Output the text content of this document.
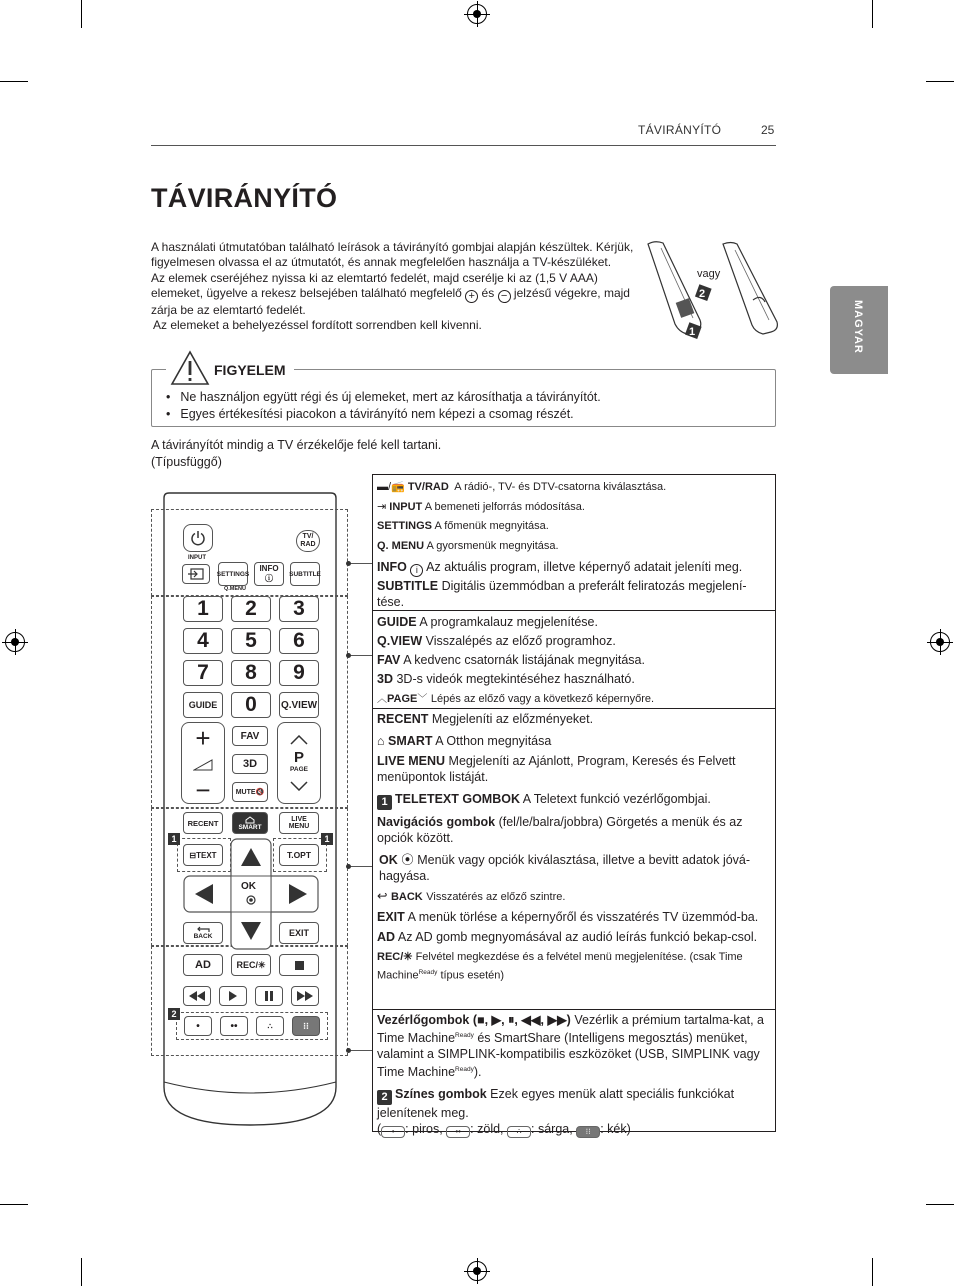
TÁVIRÁNYÍTÓ	25
MAGYAR
TÁVIRÁNYÍTÓ

A használati útmutatóban található leírások a távirányító gombjai alapján készültek. Kérjük, figyelmesen olvassa el az útmutatót, és annak megfelelően használja a TV-készüléket.

Az elemek cseréjéhez nyissa ki az elemtartó fedelét, majd cserélje ki az (1,5 V AAA) elemeket, ügyelve a rekesz belsejében található megfelelő + és − jelzésű végekre, majd zárja be az elemtartó fedelét.

Az elemeket a behelyezéssel fordított sorrendben kell kivenni.

2
1
vagy
• Ne használjon együtt régi és új elemeket, mert az károsíthatja a távirányítót.
• Egyes értékesítési piacokon a távirányító nem képezi a csomag részét.
FIGYELEM
A távirányítót mindig a TV érzékelője felé kell tartani.
(Típusfüggő)
TV/
RAD
INPUT
SETTINGS
Q.MENU
INFO ⓘ	SUBTITLE
1	2	3
4	5	6
7	8	9
GUIDE	0	Q.VIEW
+
−
FAV
3D
MUTE🔇
P
PAGE
RECENT	SMART
LIVE
MENU
1	1
⊟TEXT	T.OPT
OK
BACK	EXIT
AD	REC/✳
2
•	••	∴	⁝⁝
▬/📻 TV/RAD A rádió-, TV- és DTV-csatorna kiválasztása.
⇥ INPUT A bemeneti jelforrás módosítása.
SETTINGS A főmenük megnyitása.
Q. MENU A gyorsmenük megnyitása.
INFO i Az aktuális program, illetve képernyő adatait jeleníti meg.
SUBTITLE Digitális üzemmódban a preferált feliratozás megjelení-tése.
GUIDE A programkalauz megjelenítése.
Q.VIEW Visszalépés az előző programhoz.
FAV A kedvenc csatornák listájának megnyitása.
3D 3D-s videók megtekintéséhez használható.
︿PAGE﹀ Lépés az előző vagy a következő képernyőre.
RECENT Megjeleníti az előzményeket.
⌂ SMART A Otthon megnyitása
LIVE MENU Megjeleníti az Ajánlott, Program, Keresés és Felvett menüpontok listáját.
1 TELETEXT GOMBOK A Teletext funkció vezérlőgombjai.
Navigációs gombok (fel/le/balra/jobbra) Görgetés a menük és az opciók között.
OK ⦿ Menük vagy opciók kiválasztása, illetve a bevitt adatok jóvá-hagyása.
↩ BACK Visszatérés az előző szintre.
EXIT A menük törlése a képernyőről és visszatérés TV üzemmód-ba.
AD Az AD gomb megnyomásával az audió leírás funkció bekap-csol.
REC/✳ Felvétel megkezdése és a felvétel menü megjelenítése. (csak Time Machine$^{Ready}$ típus esetén)
Vezérlőgombok (■, ▶, ⏸, ◀◀, ▶▶) Vezérlik a prémium tartalma-kat, a Time Machine$^{Ready}$ és SmartShare (Intelligens megosztás) menüket, valamint a SIMPLINK-kompatibilis eszközöket (USB, SIMPLINK vagy Time Machine$^{Ready}$).
2 Színes gombok Ezek egyes menük alatt speciális funkciókat jelenítenek meg.
( • : piros, •• : zöld, ∴ : sárga, ⁝⁝ : kék)
